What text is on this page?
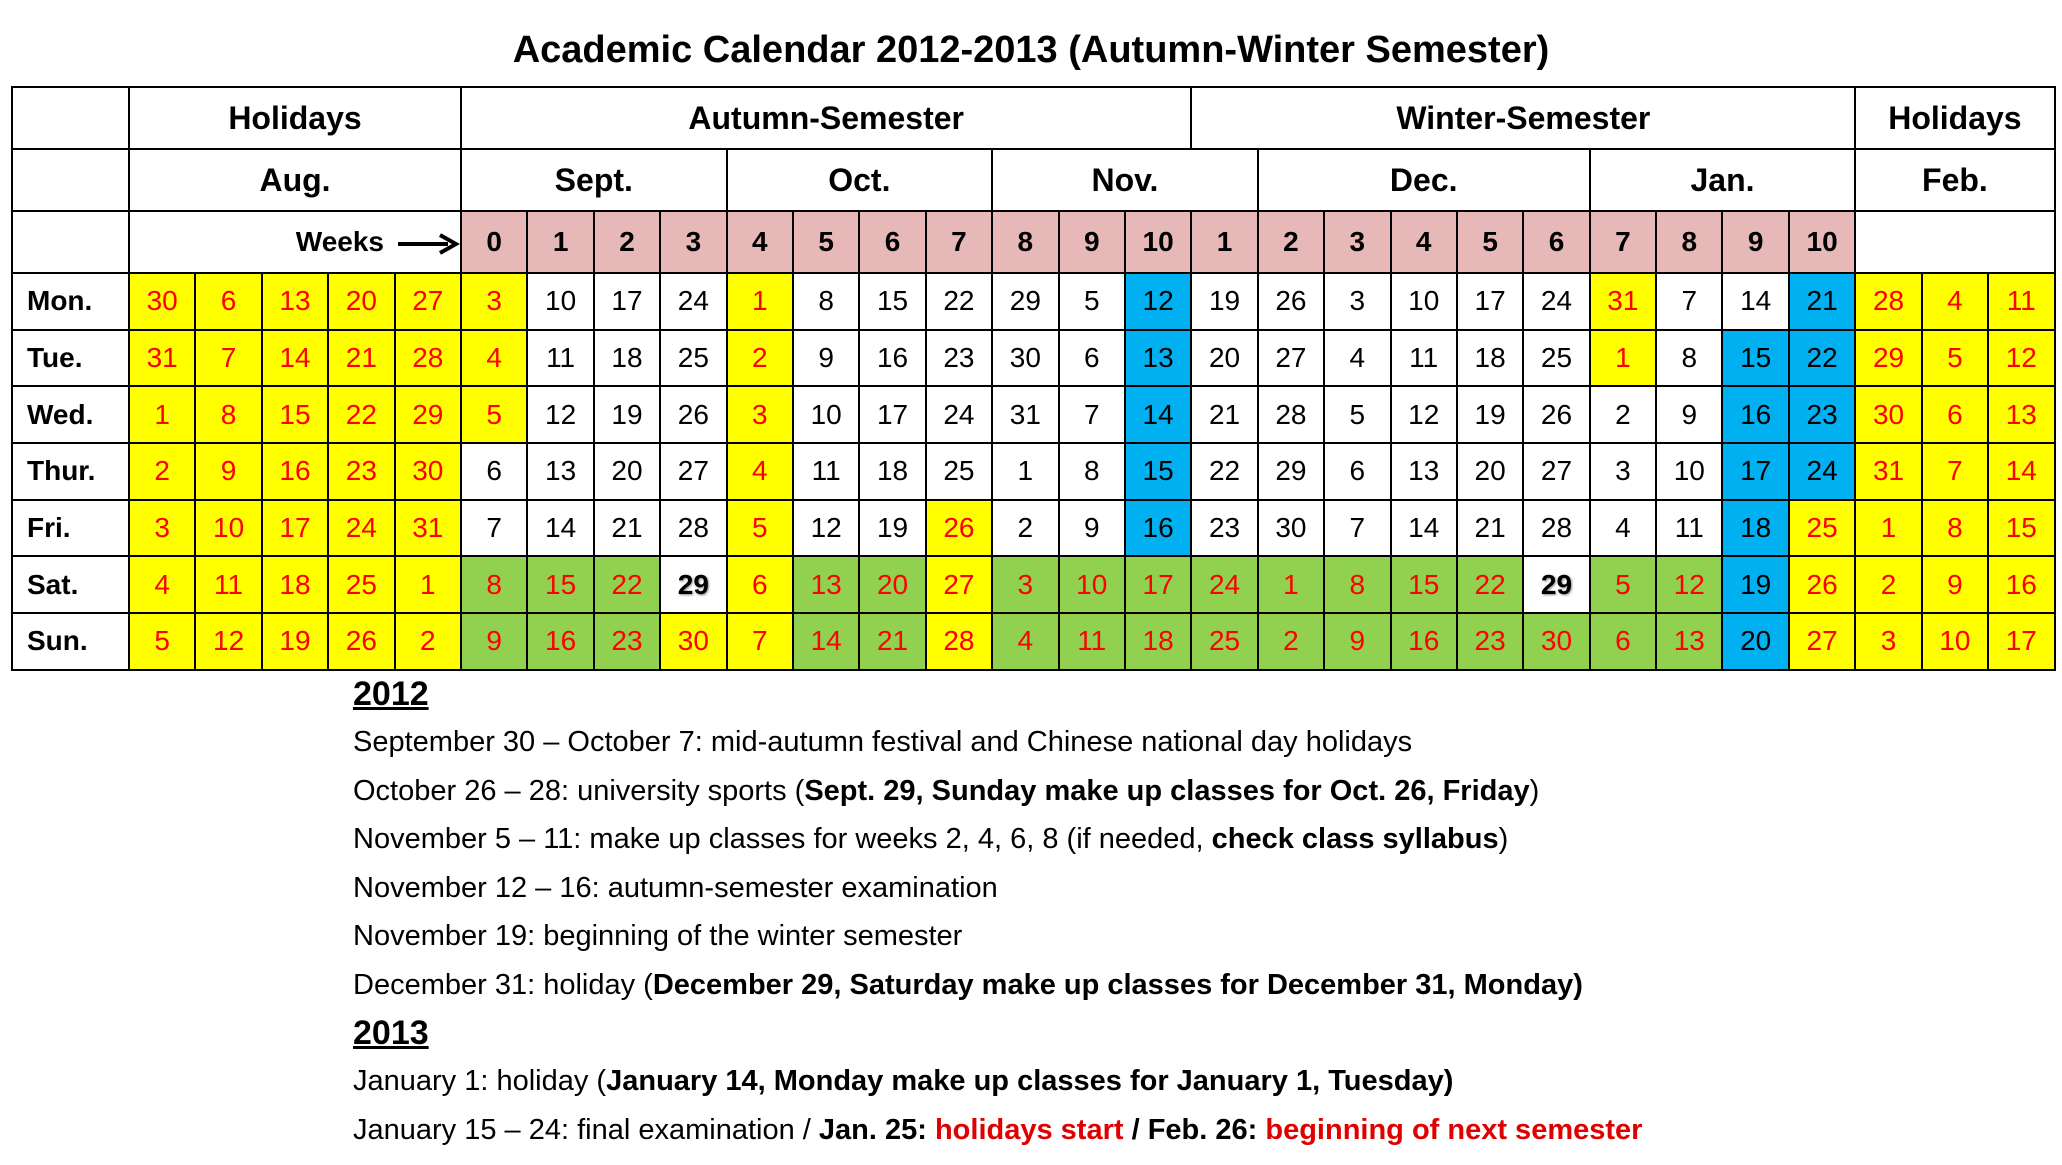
Academic Calendar 2012-2013 (Autumn-Winter Semester)
	Holidays					Autumn-Semester											Winter-Semester										Holidays		
	Aug.					Sept.				Oct.				Nov.				Dec.					Jan.				Feb.		
	Weeks					0	1	2	3	4	5	6	7	8	9	10	1	2	3	4	5	6	7	8	9	10			
Mon.	30	6	13	20	27	3	10	17	24	1	8	15	22	29	5	12	19	26	3	10	17	24	31	7	14	21	28	4	11
Tue.	31	7	14	21	28	4	11	18	25	2	9	16	23	30	6	13	20	27	4	11	18	25	1	8	15	22	29	5	12
Wed.	1	8	15	22	29	5	12	19	26	3	10	17	24	31	7	14	21	28	5	12	19	26	2	9	16	23	30	6	13
Thur.	2	9	16	23	30	6	13	20	27	4	11	18	25	1	8	15	22	29	6	13	20	27	3	10	17	24	31	7	14
Fri.	3	10	17	24	31	7	14	21	28	5	12	19	26	2	9	16	23	30	7	14	21	28	4	11	18	25	1	8	15
Sat.	4	11	18	25	1	8	15	22	29	6	13	20	27	3	10	17	24	1	8	15	22	29	5	12	19	26	2	9	16
Sun.	5	12	19	26	2	9	16	23	30	7	14	21	28	4	11	18	25	2	9	16	23	30	6	13	20	27	3	10	17
2012
September 30 – October 7: mid-autumn festival and Chinese national day holidays
October 26 – 28: university sports (Sept. 29, Sunday make up classes for Oct. 26, Friday)
November 5 – 11: make up classes for weeks 2, 4, 6, 8 (if needed, check class syllabus)
November 12 – 16: autumn-semester examination
November 19: beginning of the winter semester
December 31: holiday (December 29, Saturday make up classes for December 31, Monday)
2013
January 1: holiday (January 14, Monday make up classes for January 1, Tuesday)
January 15 – 24: final examination / Jan. 25: holidays start / Feb. 26: beginning of next semester
